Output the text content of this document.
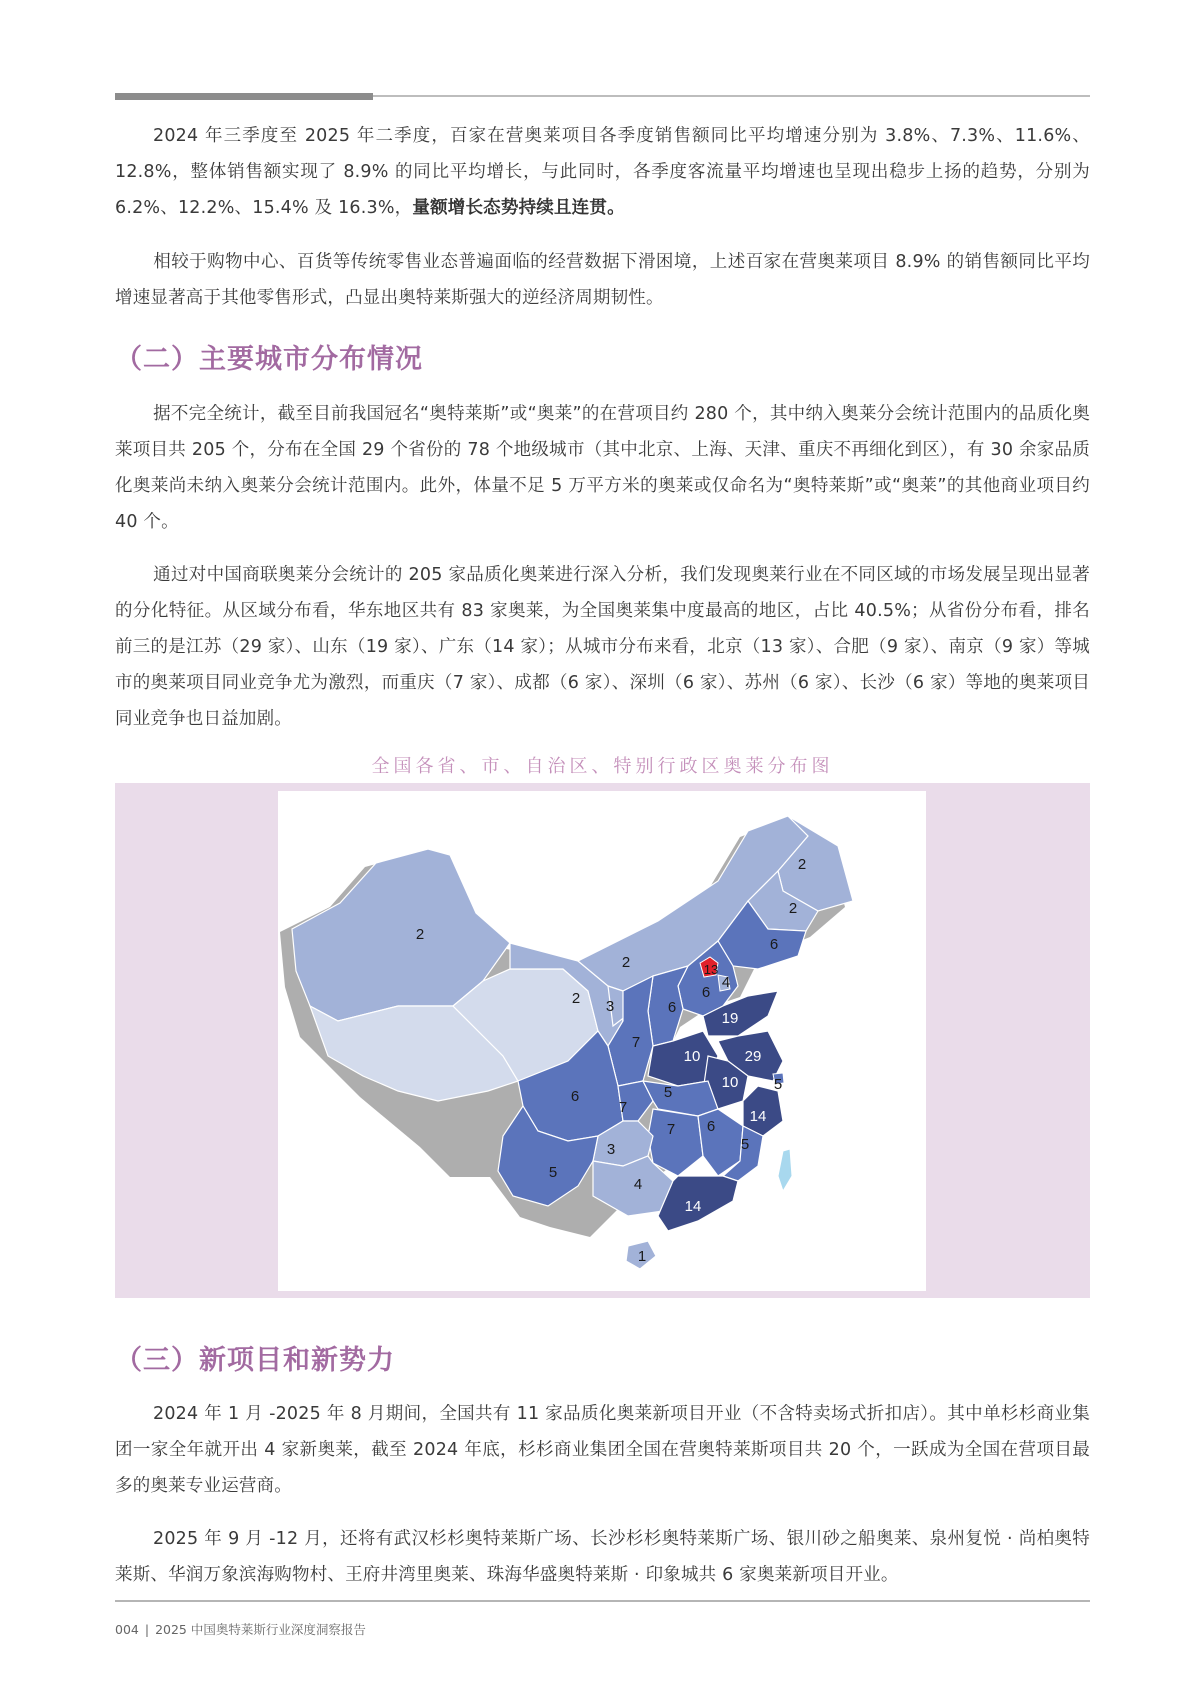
2024 年三季度至 2025 年二季度，百家在营奥莱项目各季度销售额同比平均增速分别为 3.8%、7.3%、11.6%、12.8%，整体销售额实现了 8.9% 的同比平均增长，与此同时，各季度客流量平均增速也呈现出稳步上扬的趋势，分别为 6.2%、12.2%、15.4% 及 16.3%，量额增长态势持续且连贯。

相较于购物中心、百货等传统零售业态普遍面临的经营数据下滑困境，上述百家在营奥莱项目 8.9% 的销售额同比平均增速显著高于其他零售形式，凸显出奥特莱斯强大的逆经济周期韧性。

（二）主要城市分布情况

据不完全统计，截至目前我国冠名“奥特莱斯”或“奥莱”的在营项目约 280 个，其中纳入奥莱分会统计范围内的品质化奥莱项目共 205 个，分布在全国 29 个省份的 78 个地级城市（其中北京、上海、天津、重庆不再细化到区），有 30 余家品质化奥莱尚未纳入奥莱分会统计范围内。此外，体量不足 5 万平方米的奥莱或仅命名为“奥特莱斯”或“奥莱”的其他商业项目约 40 个。

通过对中国商联奥莱分会统计的 205 家品质化奥莱进行深入分析，我们发现奥莱行业在不同区域的市场发展呈现出显著的分化特征。从区域分布看，华东地区共有 83 家奥莱，为全国奥莱集中度最高的地区，占比 40.5%；从省份分布看，排名前三的是江苏（29 家）、山东（19 家）、广东（14 家）；从城市分布来看，北京（13 家）、合肥（9 家）、南京（9 家）等城市的奥莱项目同业竞争尤为激烈，而重庆（7 家）、成都（6 家）、深圳（6 家）、苏州（6 家）、长沙（6 家）等地的奥莱项目同业竞争也日益加剧。

全国各省、市、自治区、特别行政区奥莱分布图
2
2
2
2
6
13
4
6
6
2 3
7
19
10	29
10 5
6	5
7
14
7 6
5
3
5
4
14
1
（三）新项目和新势力

2024 年 1 月 -2025 年 8 月期间，全国共有 11 家品质化奥莱新项目开业（不含特卖场式折扣店）。其中单杉杉商业集团一家全年就开出 4 家新奥莱，截至 2024 年底，杉杉商业集团全国在营奥特莱斯项目共 20 个，一跃成为全国在营项目最多的奥莱专业运营商。

2025 年 9 月 -12 月，还将有武汉杉杉奥特莱斯广场、长沙杉杉奥特莱斯广场、银川砂之船奥莱、泉州复悦 · 尚柏奥特莱斯、华润万象滨海购物村、王府井湾里奥莱、珠海华盛奥特莱斯 · 印象城共 6 家奥莱新项目开业。

004 | 2025 中国奥特莱斯行业深度洞察报告
